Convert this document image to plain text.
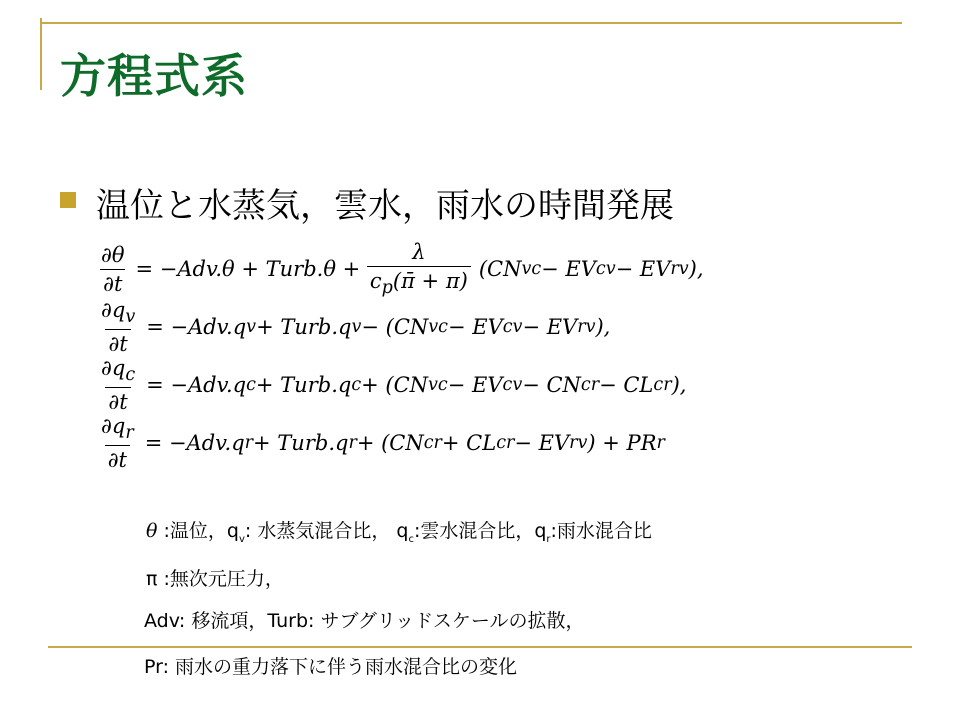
方程式系
温位と水蒸気，雲水，雨水の時間発展
$\frac{\partial\theta}{\partial t} = -Adv.\theta$ + Turb.θ + $\frac{\lambda}{c_p(\pī + \pi)} (CN$ vc − EV cv − EV rv ),
$\frac{\partial q_v}{\partial t} = -Adv.q$ v + Turb.q v − (CN vc − EV cv − EV rv ),
$\frac{\partial q_c}{\partial t} = -Adv.q$ c + Turb.q c + (CN vc − EV cv − CN cr − CL cr ),
$\frac{\partial q_r}{\partial t} = -Adv.q$ r + Turb.q r + (CN cr + CL cr − EV rv ) + PR r
θ :温位，$q_v$: 水蒸気混合比， $q_c$:雲水混合比，$q_r$:雨水混合比
π :無次元圧力，
Adv: 移流項，Turb: サブグリッドスケールの拡散，
Pr: 雨水の重力落下に伴う雨水混合比の変化
